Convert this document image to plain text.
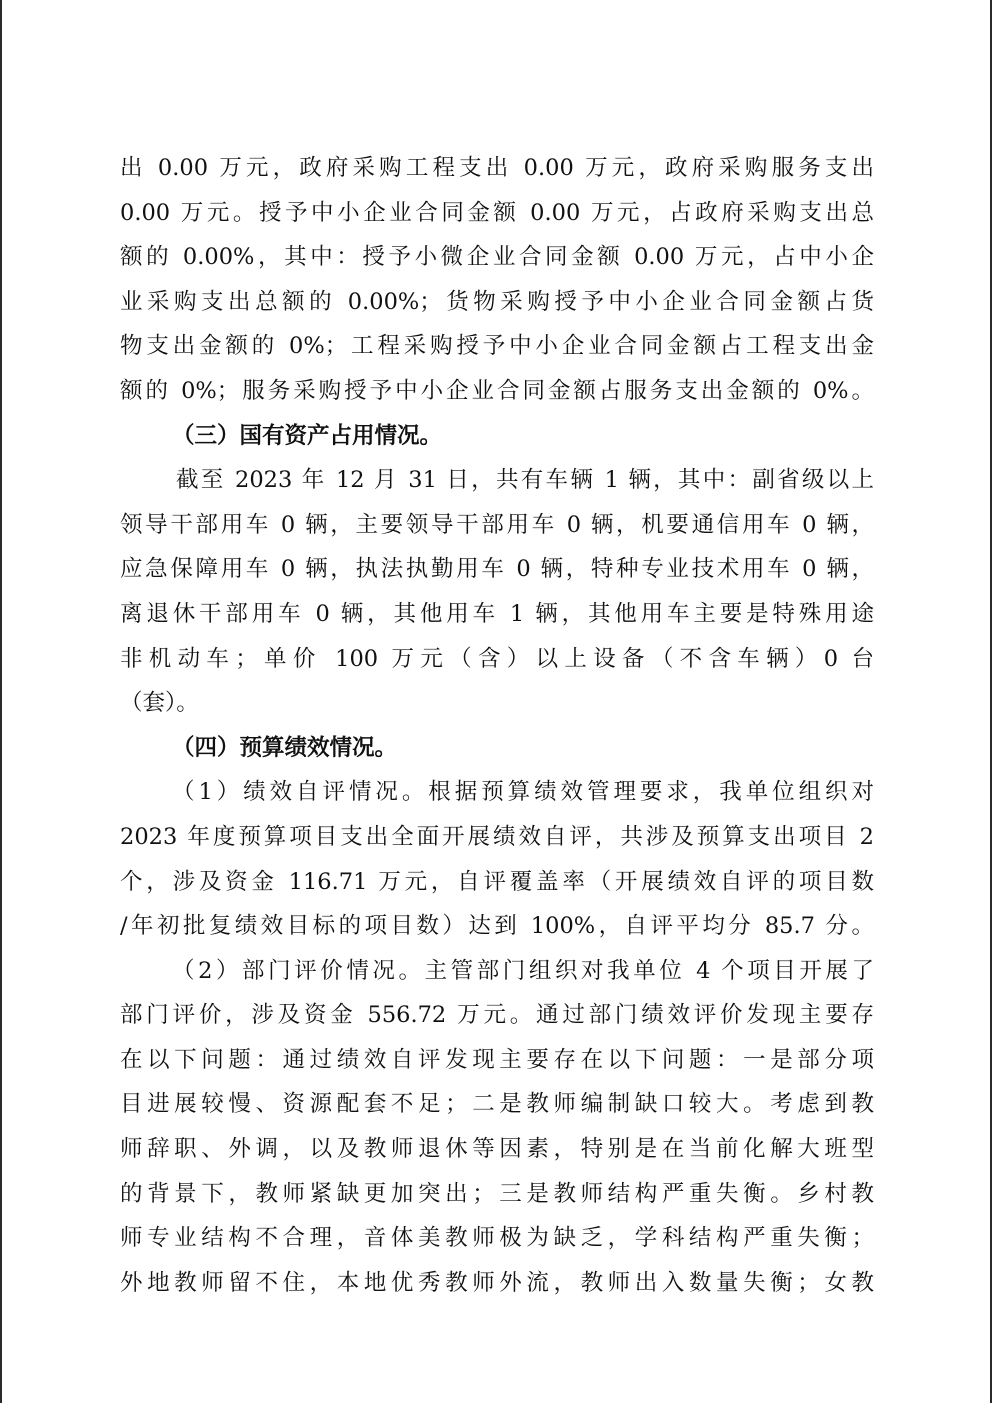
出 0.00 万元，政府采购工程支出 0.00 万元，政府采购服务支出
0.00 万元。授予中小企业合同金额 0.00 万元，占政府采购支出总
额的 0.00%，其中：授予小微企业合同金额 0.00 万元，占中小企
业采购支出总额的 0.00%；货物采购授予中小企业合同金额占货
物支出金额的 0%；工程采购授予中小企业合同金额占工程支出金
额的 0%；服务采购授予中小企业合同金额占服务支出金额的 0%。
（三）国有资产占用情况。
截至 2023 年 12 月 31 日，共有车辆 1 辆，其中：副省级以上
领导干部用车 0 辆，主要领导干部用车 0 辆，机要通信用车 0 辆，
应急保障用车 0 辆，执法执勤用车 0 辆，特种专业技术用车 0 辆，
离退休干部用车 0 辆，其他用车 1 辆，其他用车主要是特殊用途
非机动车；单价 100 万元（含）以上设备（不含车辆）0 台
（套）。
（四）预算绩效情况。
（1）绩效自评情况。根据预算绩效管理要求，我单位组织对
2023 年度预算项目支出全面开展绩效自评，共涉及预算支出项目 2
个，涉及资金 116.71 万元，自评覆盖率（开展绩效自评的项目数
/年初批复绩效目标的项目数）达到 100%，自评平均分 85.7 分。
（2）部门评价情况。主管部门组织对我单位 4 个项目开展了
部门评价，涉及资金 556.72 万元。通过部门绩效评价发现主要存
在以下问题：通过绩效自评发现主要存在以下问题：一是部分项
目进展较慢、资源配套不足；二是教师编制缺口较大。考虑到教
师辞职、外调，以及教师退休等因素，特别是在当前化解大班型
的背景下，教师紧缺更加突出；三是教师结构严重失衡。乡村教
师专业结构不合理，音体美教师极为缺乏，学科结构严重失衡；
外地教师留不住，本地优秀教师外流，教师出入数量失衡；女教
